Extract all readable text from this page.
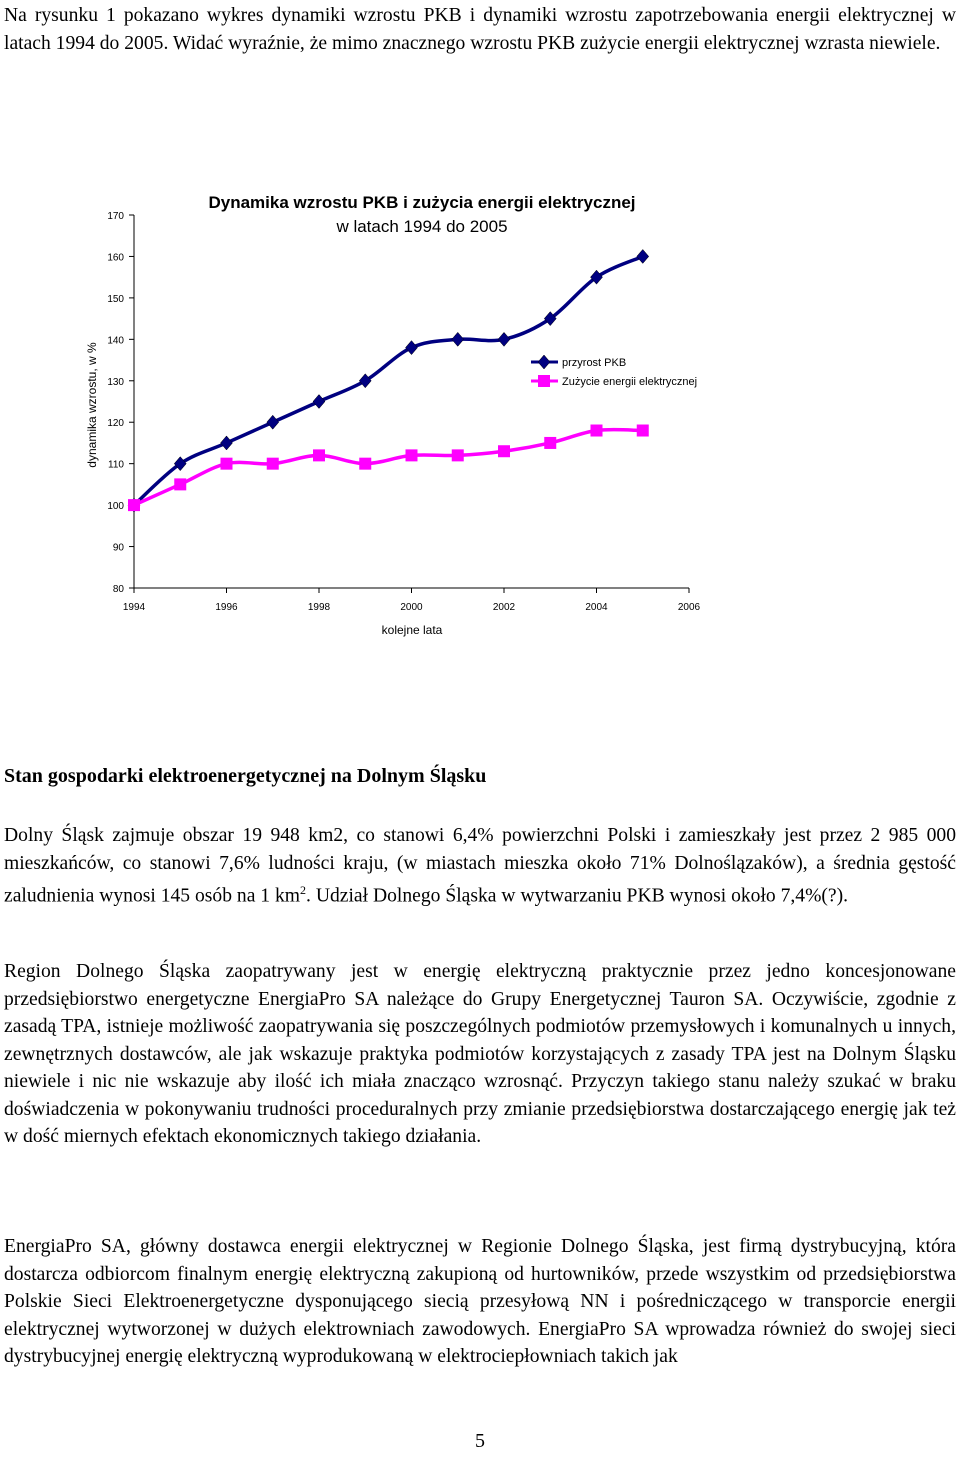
Na rysunku 1 pokazano wykres dynamiki wzrostu PKB i dynamiki wzrostu zapotrzebowania energii elektrycznej w latach 1994 do 2005. Widać wyraźnie, że mimo znacznego wzrostu PKB zużycie energii elektrycznej wzrasta niewiele.

Dynamika wzrostu PKB i zużycia energii elektrycznej
w latach 1994 do 2005
dynamika wzrostu, w %
kolejne lata
80
90
100
110
120
130
140
150
160
170
1994	1996	1998	2000	2002	2004	2006
przyrost PKB
Zużycie energii elektrycznej

Stan gospodarki elektroenergetycznej na Dolnym Śląsku

Dolny Śląsk zajmuje obszar 19 948 km2, co stanowi 6,4% powierzchni Polski i zamieszkały jest przez 2 985 000 mieszkańców, co stanowi 7,6% ludności kraju, (w miastach mieszka około 71% Dolnoślązaków), a średnia gęstość zaludnienia wynosi 145 osób na 1 $km^2$. Udział Dolnego Śląska w wytwarzaniu PKB wynosi około 7,4%(?).

Region Dolnego Śląska zaopatrywany jest w energię elektryczną praktycznie przez jedno koncesjonowane przedsiębiorstwo energetyczne EnergiaPro SA należące do Grupy Energetycznej Tauron SA. Oczywiście, zgodnie z zasadą TPA, istnieje możliwość zaopatrywania się poszczególnych podmiotów przemysłowych i komunalnych u innych, zewnętrznych dostawców, ale jak wskazuje praktyka podmiotów korzystających z zasady TPA jest na Dolnym Śląsku niewiele i nic nie wskazuje aby ilość ich miała znacząco wzrosnąć. Przyczyn takiego stanu należy szukać w braku doświadczenia w pokonywaniu trudności proceduralnych przy zmianie przedsiębiorstwa dostarczającego energię jak też w dość miernych efektach ekonomicznych takiego działania.

EnergiaPro SA, główny dostawca energii elektrycznej w Regionie Dolnego Śląska, jest firmą dystrybucyjną, która dostarcza odbiorcom finalnym energię elektryczną zakupioną od hurtowników, przede wszystkim od przedsiębiorstwa Polskie Sieci Elektroenergetyczne dysponującego siecią przesyłową NN i pośredniczącego w transporcie energii elektrycznej wytworzonej w dużych elektrowniach zawodowych. EnergiaPro SA wprowadza również do swojej sieci dystrybucyjnej energię elektryczną wyprodukowaną w elektrociepłowniach takich jak

5
